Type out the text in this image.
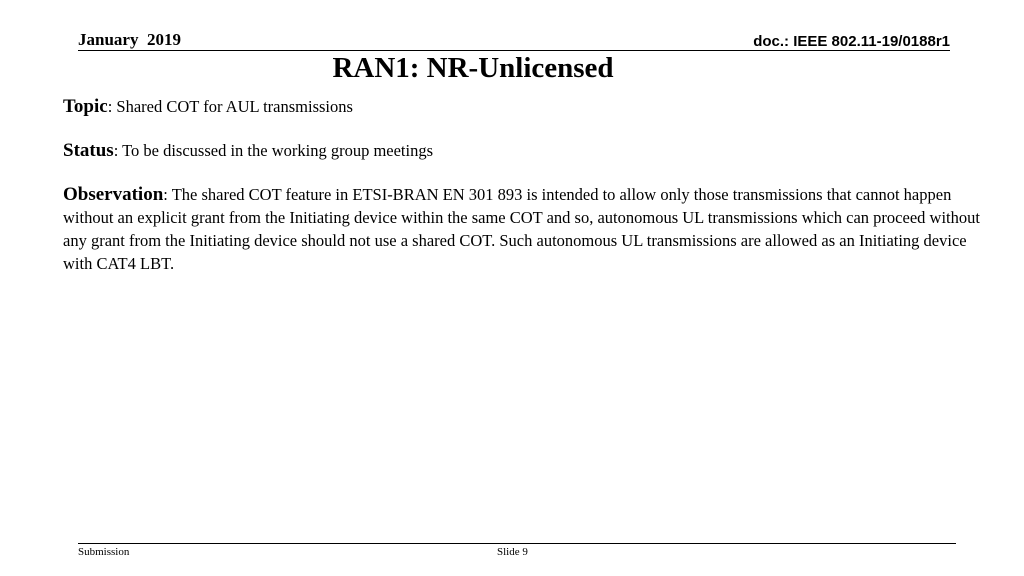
January  2019	doc.: IEEE 802.11-19/0188r1
RAN1: NR-Unlicensed

Topic: Shared COT for AUL transmissions

Status: To be discussed in the working group meetings

Observation: The shared COT feature in ETSI-BRAN EN 301 893 is intended to allow only those transmissions that cannot happen without an explicit grant from the Initiating device within the same COT and so, autonomous UL transmissions which can proceed without any grant from the Initiating device should not use a shared COT. Such autonomous UL transmissions are allowed as an Initiating device with CAT4 LBT.

Submission	Slide 9
